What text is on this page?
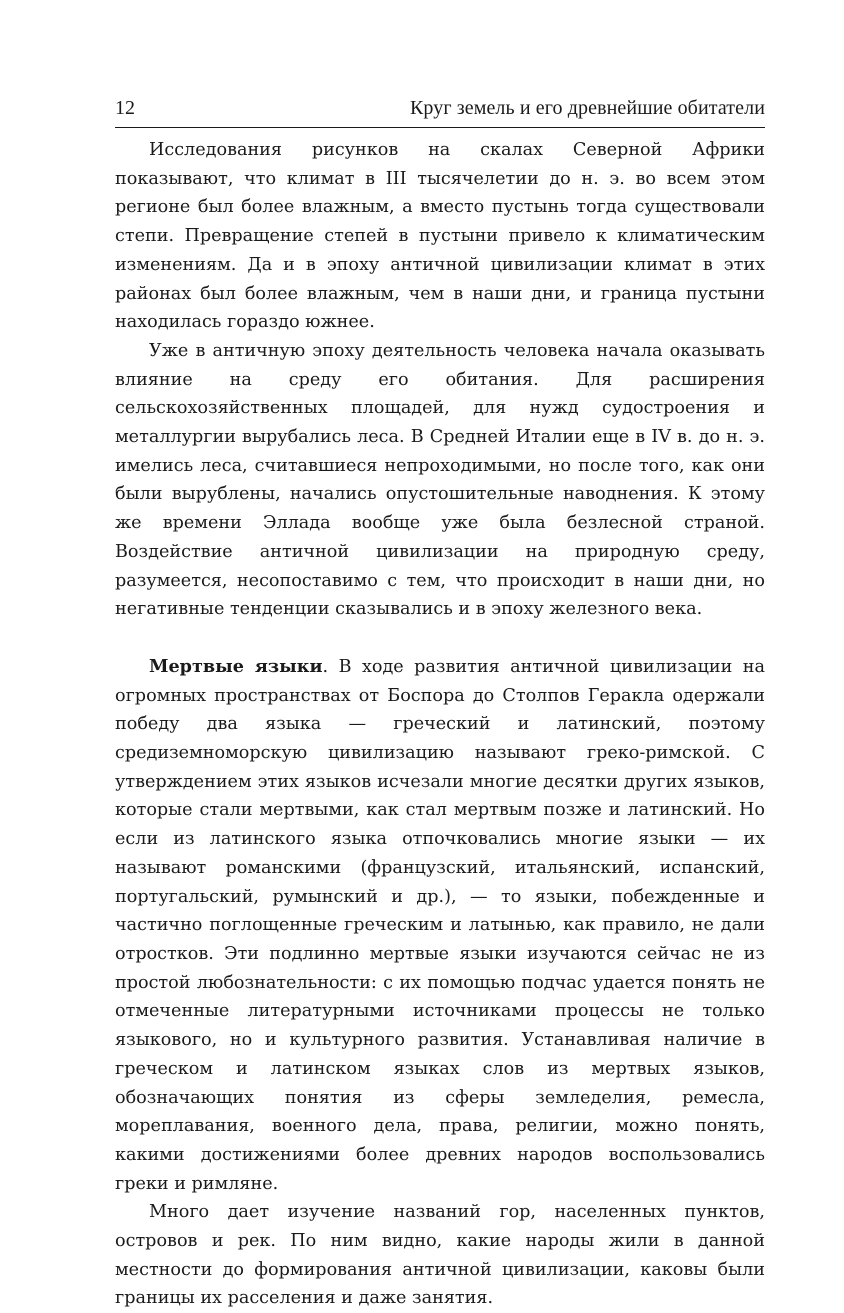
12	Круг земель и его древнейшие обитатели

Исследования рисунков на скалах Северной Африки показывают, что климат в III тысячелетии до н. э. во всем этом регионе был более влажным, а вместо пустынь тогда существовали степи. Превращение степей в пустыни привело к климатическим изменениям. Да и в эпоху античной цивилизации климат в этих районах был более влажным, чем в наши дни, и граница пустыни находилась гораздо южнее.

Уже в античную эпоху деятельность человека начала оказывать влияние на среду его обитания. Для расширения сельскохозяйственных площадей, для нужд судостроения и металлургии вырубались леса. В Средней Италии еще в IV в. до н. э. имелись леса, считавшиеся непроходимыми, но после того, как они были вырублены, начались опустошительные наводнения. К этому же времени Эллада вообще уже была безлесной страной. Воздействие античной цивилизации на природную среду, разумеется, несопоставимо с тем, что происходит в наши дни, но негативные тенденции сказывались и в эпоху железного века.

Мертвые языки. В ходе развития античной цивилизации на огромных пространствах от Боспора до Столпов Геракла одержали победу два языка — греческий и латинский, поэтому средиземноморскую цивилизацию называют греко-римской. С утверждением этих языков исчезали многие десятки других языков, которые стали мертвыми, как стал мертвым позже и латинский. Но если из латинского языка отпочковались многие языки — их называют романскими (французский, итальянский, испанский, португальский, румынский и др.), — то языки, побежденные и частично поглощенные греческим и латынью, как правило, не дали отростков. Эти подлинно мертвые языки изучаются сейчас не из простой любознательности: с их помощью подчас удается понять не отмеченные литературными источниками процессы не только языкового, но и культурного развития. Устанавливая наличие в греческом и латинском языках слов из мертвых языков, обозначающих понятия из сферы земледелия, ремесла, мореплавания, военного дела, права, религии, можно понять, какими достижениями более древних народов воспользовались греки и римляне.

Много дает изучение названий гор, населенных пунктов, островов и рек. По ним видно, какие народы жили в данной местности до формирования античной цивилизации, каковы были границы их расселения и даже занятия.
